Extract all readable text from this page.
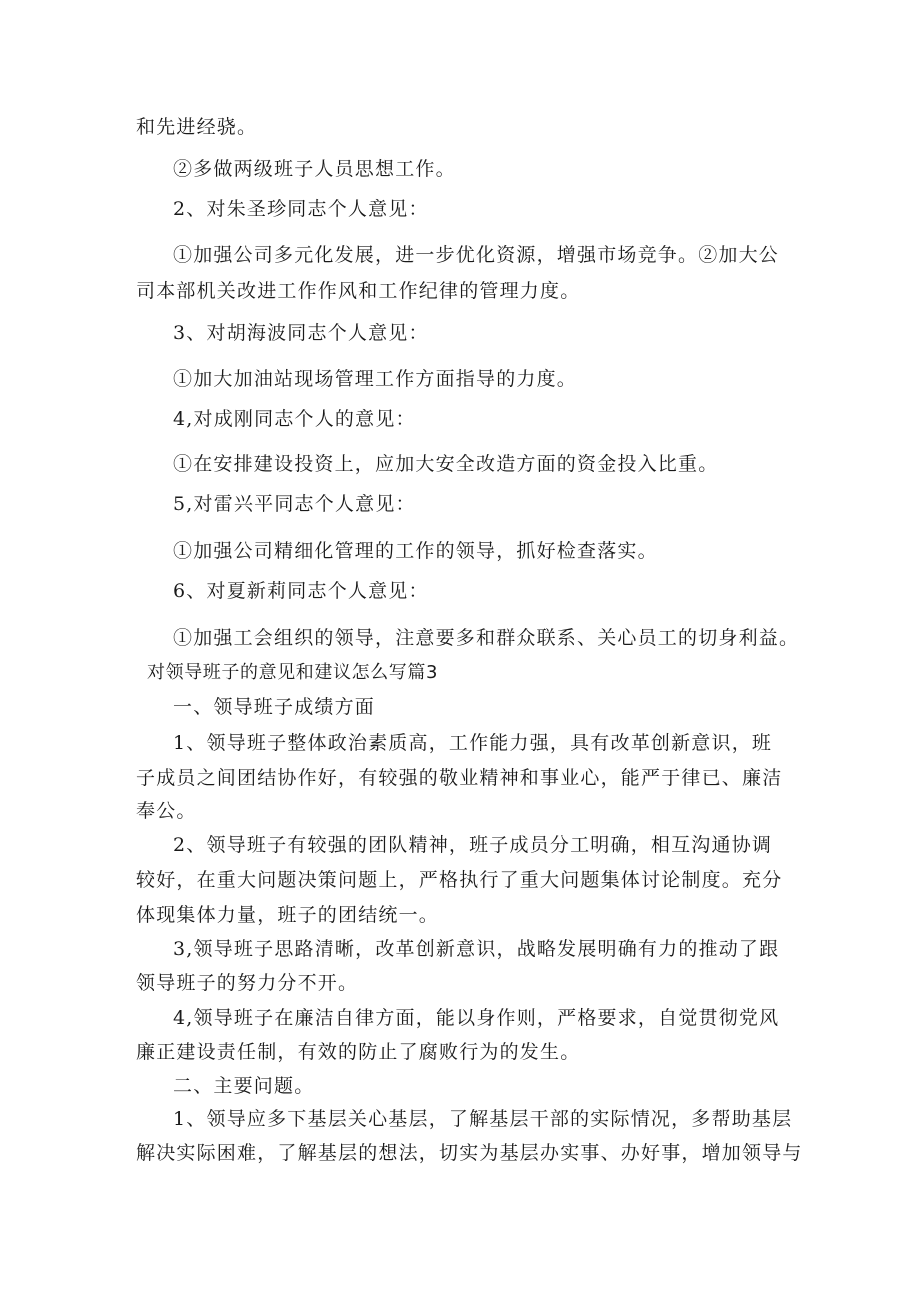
和先进经骁。
②多做两级班子人员思想工作。
2、对朱圣珍同志个人意见：
①加强公司多元化发展，进一步优化资源，增强市场竞争。②加大公
司本部机关改进工作作风和工作纪律的管理力度。
3、对胡海波同志个人意见：
①加大加油站现场管理工作方面指导的力度。
4,对成刚同志个人的意见：
①在安排建设投资上，应加大安全改造方面的资金投入比重。
5,对雷兴平同志个人意见：
①加强公司精细化管理的工作的领导，抓好检查落实。
6、对夏新莉同志个人意见：
①加强工会组织的领导，注意要多和群众联系、关心员工的切身利益。
对领导班子的意见和建议怎么写篇3
一、领导班子成绩方面
1、领导班子整体政治素质高，工作能力强，具有改革创新意识，班
子成员之间团结协作好，有较强的敬业精神和事业心，能严于律已、廉洁
奉公。
2、领导班子有较强的团队精神，班子成员分工明确，相互沟通协调
较好，在重大问题决策问题上，严格执行了重大问题集体讨论制度。充分
体现集体力量，班子的团结统一。
3,领导班子思路清晰，改革创新意识，战略发展明确有力的推动了跟
领导班子的努力分不开。
4,领导班子在廉洁自律方面，能以身作则，严格要求，自觉贯彻党风
廉正建设责任制，有效的防止了腐败行为的发生。
二、主要问题。
1、领导应多下基层关心基层，了解基层干部的实际情况，多帮助基层
解决实际困难，了解基层的想法，切实为基层办实事、办好事，增加领导与
